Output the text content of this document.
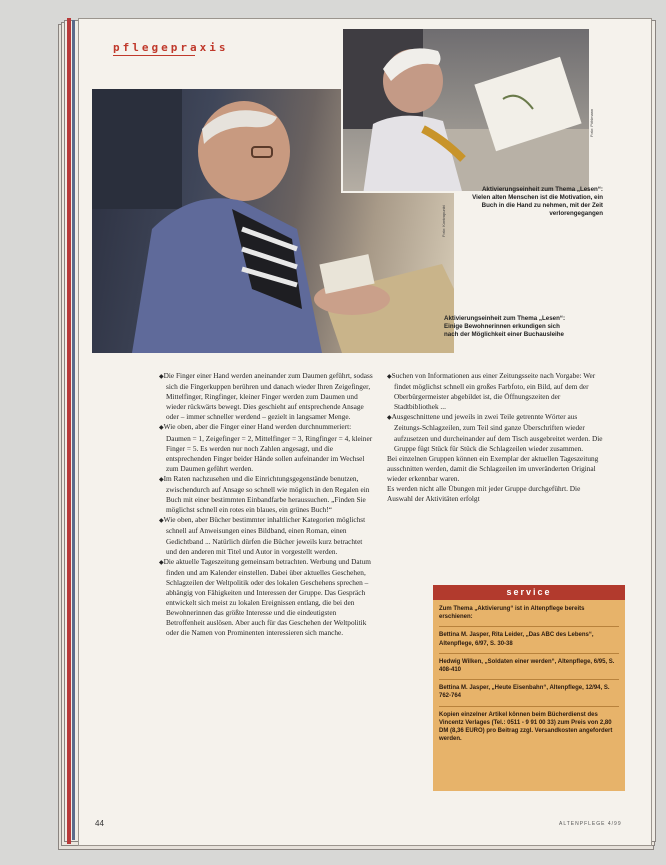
pflegepraxis
Foto: Kontrapunkt
Foto: Pöhlmann
Aktivierungseinheit zum Thema „Lesen“: Vielen alten Menschen ist die Motivation, ein Buch in die Hand zu nehmen, mit der Zeit verlorengegangen
Aktivierungseinheit zum Thema „Lesen“: Einige Bewohnerinnen erkundigen sich nach der Möglichkeit einer Buchausleihe

◆ Die Finger einer Hand werden aneinander zum Daumen geführt, sodass sich die Fingerkuppen berühren und danach wieder Ihren Zeigefinger, Mittelfinger, Ringfinger, kleiner Finger werden zum Daumen und wieder rückwärts bewegt. Dies geschieht auf entsprechende Ansage oder – immer schneller werdend – gezielt in langsamer Menge.

◆ Wie oben, aber die Finger einer Hand werden durchnummeriert: Daumen = 1, Zeigefinger = 2, Mittelfinger = 3, Ringfinger = 4, kleiner Finger = 5. Es werden nur noch Zahlen angesagt, und die entsprechenden Finger beider Hände sollen aufeinander im Wechsel zum Daumen geführt werden.

◆ Im Raten nachzusehen und die Einrichtungsgegenstände benutzen, zwischendurch auf Ansage so schnell wie möglich in den Regalen ein Buch mit einer bestimmten Einbandfarbe heraussuchen. „Finden Sie möglichst schnell ein rotes ein blaues, ein grünes Buch!“

◆ Wie oben, aber Bücher bestimmter inhaltlicher Kategorien möglichst schnell auf Anweisungen eines Bildband, einen Roman, einen Gedichtband ... Natürlich dürfen die Bücher jeweils kurz betrachtet und den anderen mit Titel und Autor in vorgestellt werden.

◆ Die aktuelle Tageszeitung gemeinsam betrachten. Werbung und Datum finden und am Kalender einstellen. Dabei über aktuelles Geschehen, Schlagzeilen der Weltpolitik oder des lokalen Geschehens sprechen – abhängig von Fähigkeiten und Interessen der Gruppe. Das Gespräch entwickelt sich meist zu lokalen Ereignissen entlang, die bei den Bewohnerinnen das größte Interesse und die eindeutigsten Betroffenheit auslösen. Aber auch für das Geschehen der Weltpolitik oder die Namen von Prominenten interessieren sich manche.

◆ Suchen von Informationen aus einer Zeitungsseite nach Vorgabe: Wer findet möglichst schnell ein großes Farbfoto, ein Bild, auf dem der Oberbürgermeister abgebildet ist, die Öffnungszeiten der Stadtbibliothek ...

◆ Ausgeschnittene und jeweils in zwei Teile getrennte Wörter aus Zeitungs-Schlagzeilen, zum Teil sind ganze Überschriften wieder aufzusetzen und durcheinander auf dem Tisch ausgebreitet werden. Die Gruppe fügt Stück für Stück die Schlagzeilen wieder zusammen.

Bei einzelnen Gruppen können ein Exemplar der aktuellen Tageszeitung ausschnitten werden, damit die Schlagzeilen im unveränderten Original wieder erkennbar waren.

Es werden nicht alle Übungen mit jeder Gruppe durchgeführt. Die Auswahl der Aktivitäten erfolgt

service
Zum Thema „Aktivierung“ ist in Altenpflege bereits erschienen:
Bettina M. Jasper, Rita Leider, „Das ABC des Lebens“, Altenpflege, 6/97, S. 30-38
Hedwig Wilken, „Soldaten einer werden“, Altenpflege, 6/95, S. 408-410
Bettina M. Jasper, „Heute Eisenbahn“, Altenpflege, 12/94, S. 762-764
Kopien einzelner Artikel können beim Bücherdienst des Vincentz Verlages (Tel.: 0511 - 9 91 00 33) zum Preis von 2,80 DM (8,36 EURO) pro Beitrag zzgl. Versandkosten angefordert werden.
44	ALTENPFLEGE 4/99
